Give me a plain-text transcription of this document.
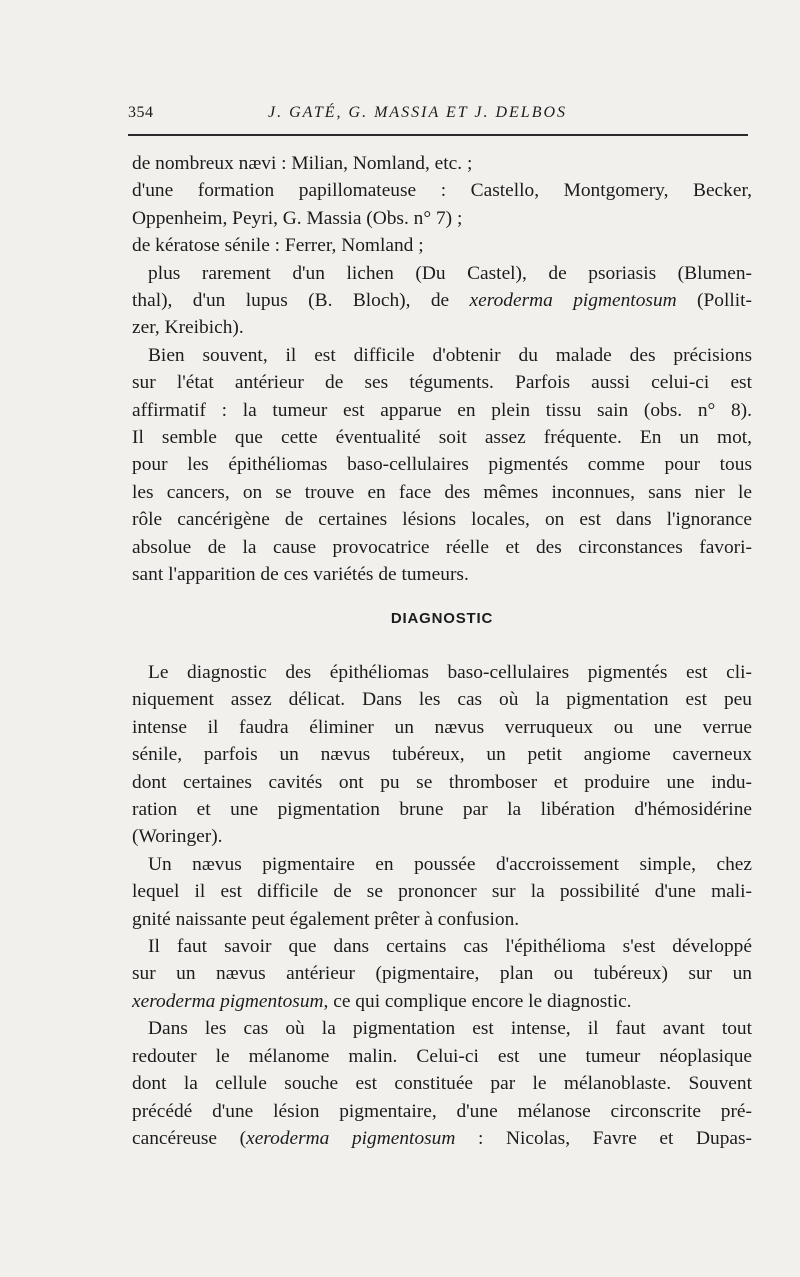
354	J. GATÉ, G. MASSIA ET J. DELBOS
de nombreux nævi : Milian, Nomland, etc. ;
d'une formation papillomateuse : Castello, Montgomery, Becker,
Oppenheim, Peyri, G. Massia (Obs. n° 7) ;
de kératose sénile : Ferrer, Nomland ;
plus rarement d'un lichen (Du Castel), de psoriasis (Blumen-
thal), d'un lupus (B. Bloch), de xeroderma pigmentosum (Pollit-
zer, Kreibich).
Bien souvent, il est difficile d'obtenir du malade des précisions
sur l'état antérieur de ses téguments. Parfois aussi celui-ci est
affirmatif : la tumeur est apparue en plein tissu sain (obs. n° 8).
Il semble que cette éventualité soit assez fréquente. En un mot,
pour les épithéliomas baso-cellulaires pigmentés comme pour tous
les cancers, on se trouve en face des mêmes inconnues, sans nier le
rôle cancérigène de certaines lésions locales, on est dans l'ignorance
absolue de la cause provocatrice réelle et des circonstances favori-
sant l'apparition de ces variétés de tumeurs.
DIAGNOSTIC
Le diagnostic des épithéliomas baso-cellulaires pigmentés est cli-
niquement assez délicat. Dans les cas où la pigmentation est peu
intense il faudra éliminer un nævus verruqueux ou une verrue
sénile, parfois un nævus tubéreux, un petit angiome caverneux
dont certaines cavités ont pu se thromboser et produire une indu-
ration et une pigmentation brune par la libération d'hémosidérine
(Woringer).
Un nævus pigmentaire en poussée d'accroissement simple, chez
lequel il est difficile de se prononcer sur la possibilité d'une mali-
gnité naissante peut également prêter à confusion.
Il faut savoir que dans certains cas l'épithélioma s'est développé
sur un nævus antérieur (pigmentaire, plan ou tubéreux) sur un
xeroderma pigmentosum, ce qui complique encore le diagnostic.
Dans les cas où la pigmentation est intense, il faut avant tout
redouter le mélanome malin. Celui-ci est une tumeur néoplasique
dont la cellule souche est constituée par le mélanoblaste. Souvent
précédé d'une lésion pigmentaire, d'une mélanose circonscrite pré-
cancéreuse (xeroderma pigmentosum : Nicolas, Favre et Dupas-
